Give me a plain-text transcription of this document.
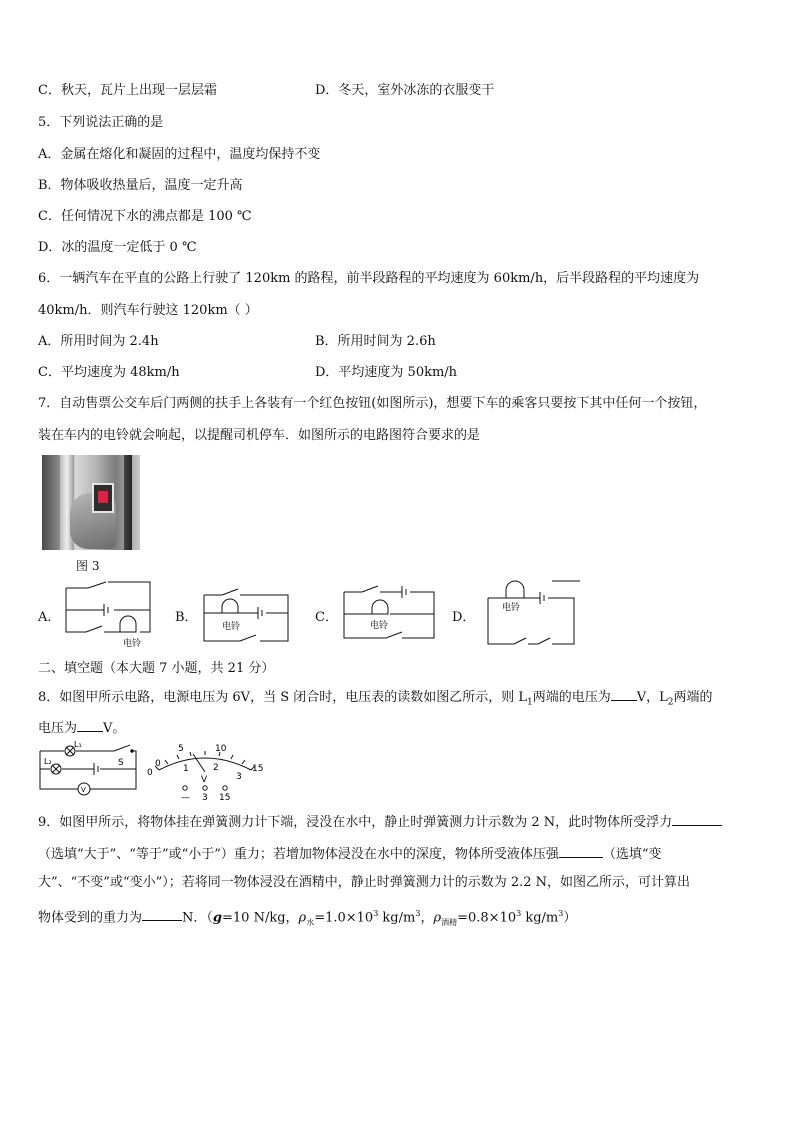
C．秋天，瓦片上出现一层层霜	D．冬天，室外冰冻的衣服变干
5．下列说法正确的是
A．金属在熔化和凝固的过程中，温度均保持不变
B．物体吸收热量后，温度一定升高
C．任何情况下水的沸点都是 100 ℃
D．冰的温度一定低于 0 ℃
6．一辆汽车在平直的公路上行驶了 120km 的路程，前半段路程的平均速度为 60km/h，后半段路程的平均速度为
40km/h．则汽车行驶这 120km（ ）
A．所用时间为 2.4h	B．所用时间为 2.6h
C．平均速度为 48km/h	D．平均速度为 50km/h
7．自动售票公交车后门两侧的扶手上各装有一个红色按钮(如图所示)，想要下车的乘客只要按下其中任何一个按钮，
装在车内的电铃就会响起，以提醒司机停车．如图所示的电路图符合要求的是
图 3
A．
电铃
B．
电铃
C．
电铃
D．
电铃
二、填空题（本大题 7 小题，共 21 分）
8．如图甲所示电路，电源电压为 6V，当 S 闭合时，电压表的读数如图乙所示，则 $L_1$两端的电压为 V，$L_2$两端的
电压为 V。
L₁
L₂	S
V
0
0
5	10
15
1	2
3
V
— 3 15
9．如图甲所示，将物体挂在弹簧测力计下端，浸没在水中，静止时弹簧测力计示数为 2 N，此时物体所受浮力
（选填“大于”、“等于”或“小于”）重力；若增加物体浸没在水中的深度，物体所受液体压强	（选填“变
大”、“不变”或“变小”）；若将同一物体浸没在酒精中，静止时弹簧测力计的示数为 2.2 N，如图乙所示，可计算出
物体受到的重力为	N．（g=10 N/kg，$\rho_水=1.0\times 10^3$ $kg/m^3$，$\rho_{酒精}=0.8\times 10^3$ $kg/m^3$）
